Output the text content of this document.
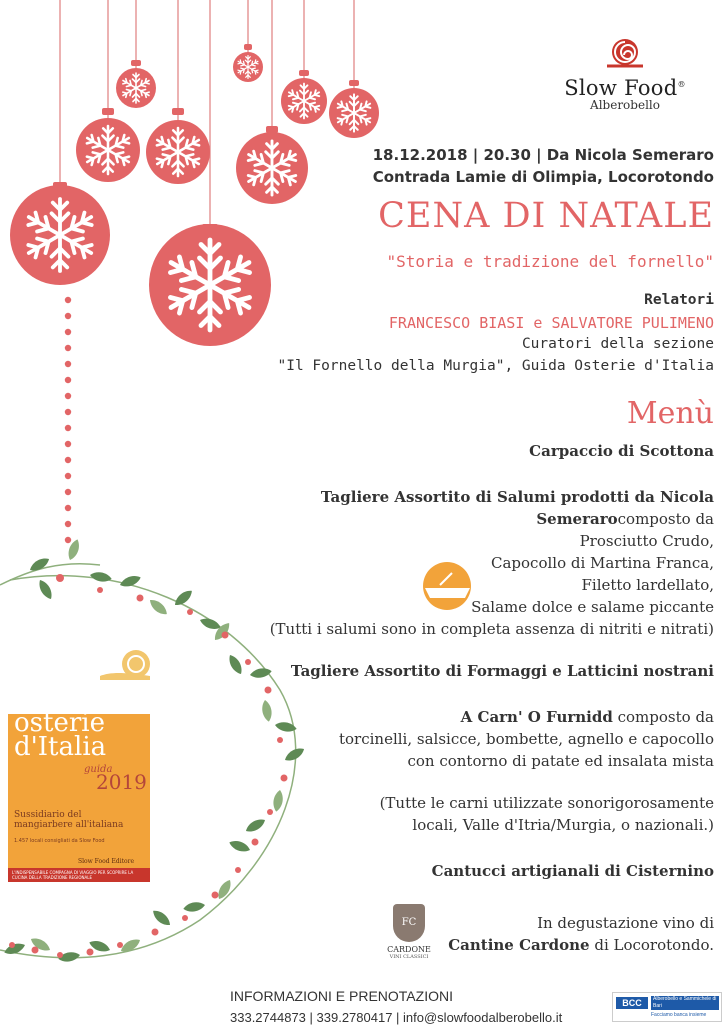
Slow Food®
Alberobello
18.12.2018 | 20.30 | Da Nicola Semeraro
Contrada Lamie di Olimpia, Locorotondo
CENA DI NATALE
"Storia e tradizione del fornello"
Relatori
FRANCESCO BIASI e SALVATORE PULIMENO
Curatori della sezione
"Il Fornello della Murgia", Guida Osterie d'Italia
Menù
Carpaccio di Scottona
Tagliere Assortito di Salumi prodotti da Nicola
Semerarocomposto da
Prosciutto Crudo,
Capocollo di Martina Franca,
Filetto lardellato,
Salame dolce e salame piccante
(Tutti i salumi sono in completa assenza di nitriti e nitrati)
Tagliere Assortito di Formaggi e Latticini nostrani
A Carn' O Furnidd composto da
torcinelli, salsicce, bombette, agnello e capocollo
con contorno di patate ed insalata mista
(Tutte le carni utilizzate sonorigorosamente
locali, Valle d'Itria/Murgia, o nazionali.)
Cantucci artigianali di Cisternino
In degustazione vino di
Cantine Cardone di Locorotondo.
osterie
d'Italia
guida
2019
Sussidiario del mangiarbere all'italiana
1.457 locali consigliati da Slow Food
Slow Food Editore
L'INDISPENSABILE COMPAGNA DI VIAGGIO PER SCOPRIRE LA CUCINA DELLA TRADIZIONE REGIONALE
FC
CARDONE
VINI CLASSICI
INFORMAZIONI E PRENOTAZIONI
333.2744873 | 339.2780417 | info@slowfoodalberobello.it
BCC	Alberobello e Sammichele di Bari
Facciamo banca insieme
